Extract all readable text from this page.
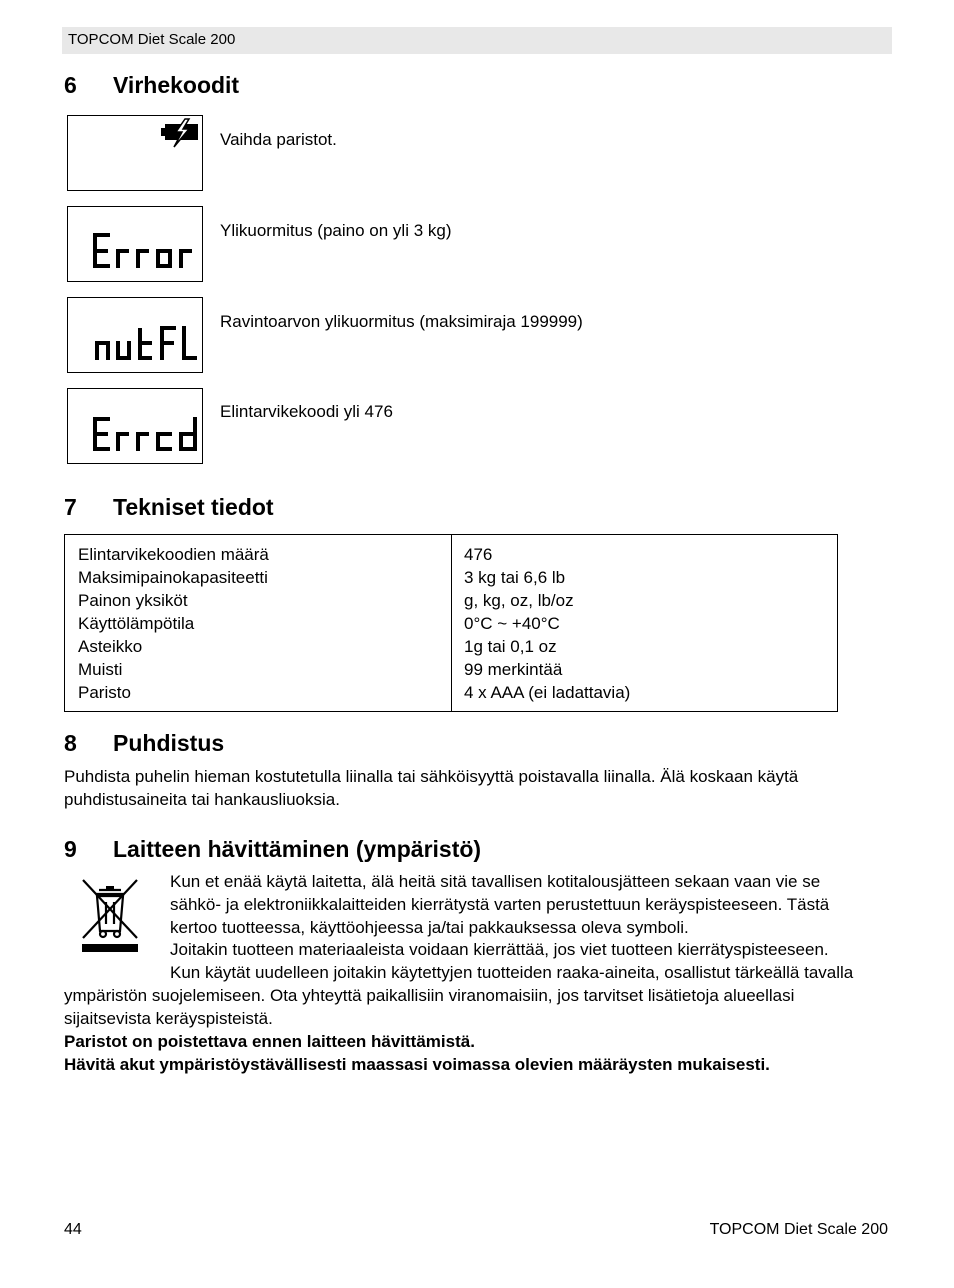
TOPCOM Diet Scale 200
6 Virhekoodit
Vaihda paristot.
Ylikuormitus (paino on yli 3 kg)
Ravintoarvon ylikuormitus (maksimiraja 199999)
Elintarvikekoodi yli 476
7 Tekniset tiedot
Elintarvikekoodien määrä
Maksimipainokapasiteetti
Painon yksiköt
Käyttölämpötila
Asteikko
Muisti
Paristo
476
3 kg tai 6,6 lb
g, kg, oz, lb/oz
0°C ~ +40°C
1g tai 0,1 oz
99 merkintää
4 x AAA (ei ladattavia)
8 Puhdistus
Puhdista puhelin hieman kostutetulla liinalla tai sähköisyyttä poistavalla liinalla. Älä koskaan käytä
puhdistusaineita tai hankausliuoksia.
9 Laitteen hävittäminen (ympäristö)
Kun et enää käytä laitetta, älä heitä sitä tavallisen kotitalousjätteen sekaan vaan vie se
sähkö- ja elektroniikkalaitteiden kierrätystä varten perustettuun keräyspisteeseen. Tästä
kertoo tuotteessa, käyttöohjeessa ja/tai pakkauksessa oleva symboli.
Joitakin tuotteen materiaaleista voidaan kierrättää, jos viet tuotteen kierrätyspisteeseen.
Kun käytät uudelleen joitakin käytettyjen tuotteiden raaka-aineita, osallistut tärkeällä tavalla
ympäristön suojelemiseen. Ota yhteyttä paikallisiin viranomaisiin, jos tarvitset lisätietoja alueellasi
sijaitsevista keräyspisteistä.
Paristot on poistettava ennen laitteen hävittämistä.
Hävitä akut ympäristöystävällisesti maassasi voimassa olevien määräysten mukaisesti.
44	TOPCOM Diet Scale 200
